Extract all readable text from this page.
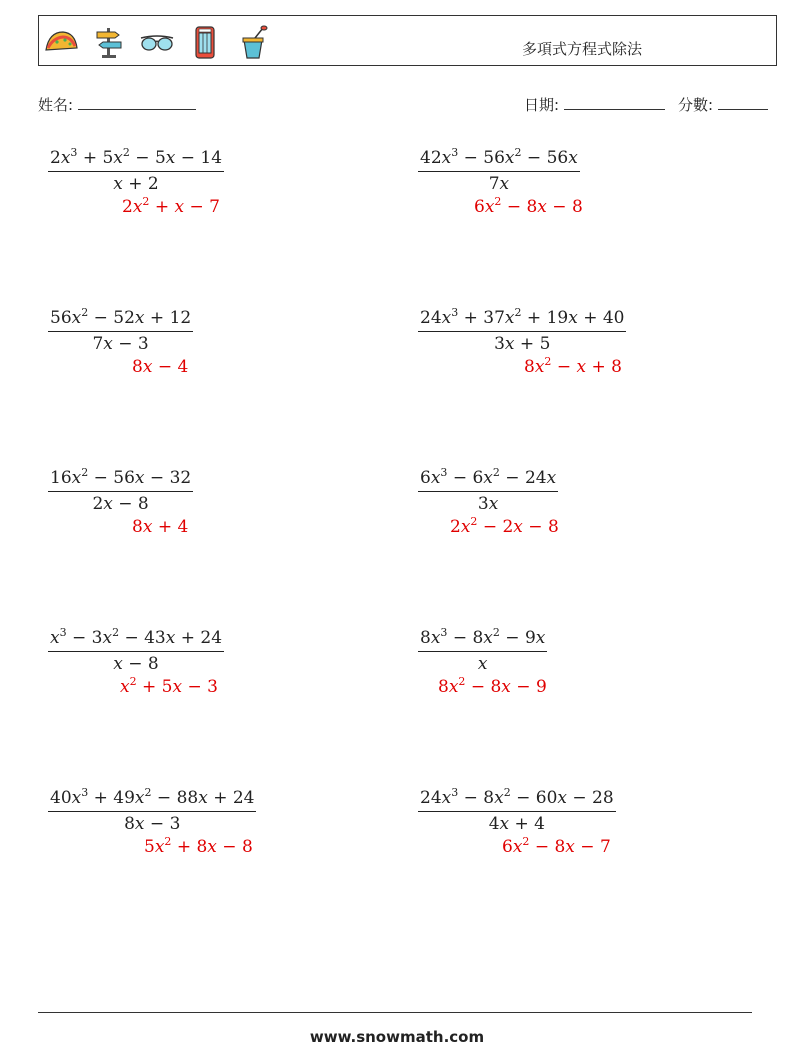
多項式方程式除法
姓名:	日期:	分數:
$2x^3 + 5x^2 - 5x - 14$
x + 2
$2x^2 + x - 7$
$42x^3 - 56x^2 - 56x$
7x
$6x^2 - 8x - 8$
$56x^2 - 52x + 12$
7x − 3
8x − 4
$24x^3 + 37x^2 + 19x + 40$
3x + 5
$8x^2 - x + 8$
$16x^2 - 56x - 32$
2x − 8
8x + 4
$6x^3 - 6x^2 - 24x$
3x
$2x^2 - 2x - 8$
$x^3 - 3x^2 - 43x + 24$
x − 8
$x^2 + 5x - 3$
$8x^3 - 8x^2 - 9x$
x
$8x^2 - 8x - 9$
$40x^3 + 49x^2 - 88x + 24$
8x − 3
$5x^2 + 8x - 8$
$24x^3 - 8x^2 - 60x - 28$
4x + 4
$6x^2 - 8x - 7$
www.snowmath.com
